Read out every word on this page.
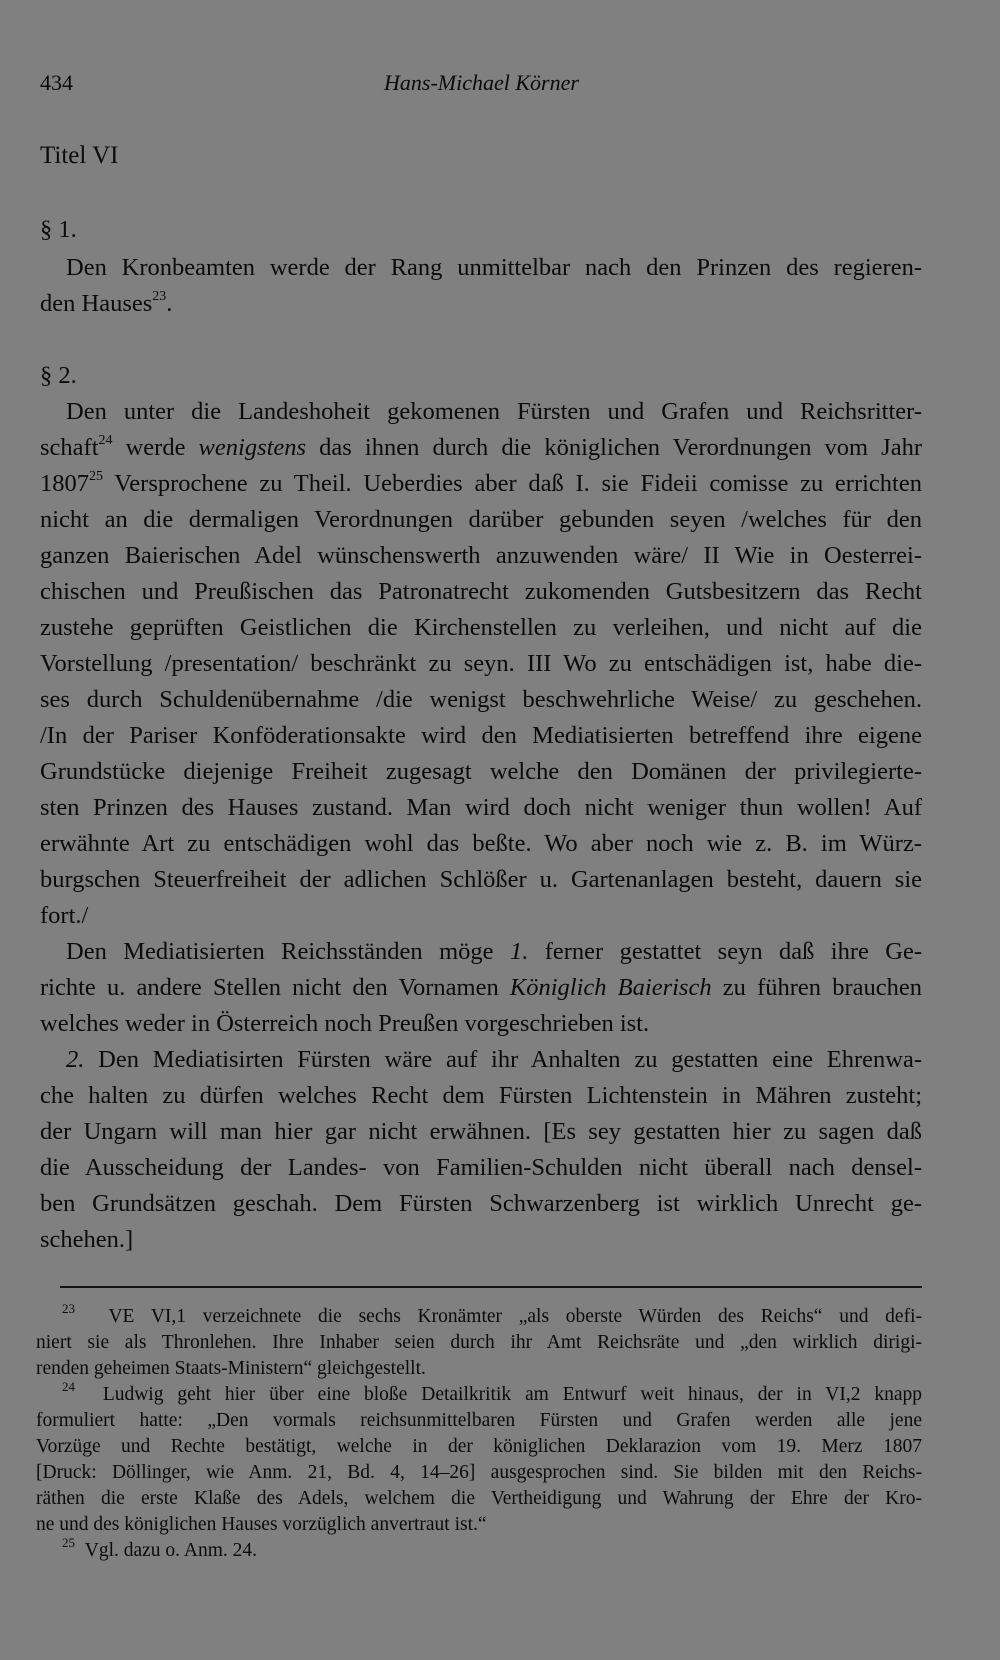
434	Hans-Michael Körner
Titel VI
§ 1.
Den Kronbeamten werde der Rang unmittelbar nach den Prinzen des regieren-
den Hauses$^{23}$.
§ 2.
Den unter die Landeshoheit gekomenen Fürsten und Grafen und Reichsritter-
schaft$^{24}$ werde wenigstens das ihnen durch die königlichen Verordnungen vom Jahr
1807$^{25}$ Versprochene zu Theil. Ueberdies aber daß I. sie Fideii comisse zu errichten
nicht an die dermaligen Verordnungen darüber gebunden seyen /welches für den
ganzen Baierischen Adel wünschenswerth anzuwenden wäre/ II Wie in Oesterrei-
chischen und Preußischen das Patronatrecht zukomenden Gutsbesitzern das Recht
zustehe geprüften Geistlichen die Kirchenstellen zu verleihen, und nicht auf die
Vorstellung /presentation/ beschränkt zu seyn. III Wo zu entschädigen ist, habe die-
ses durch Schuldenübernahme /die wenigst beschwehrliche Weise/ zu geschehen.
/In der Pariser Konföderationsakte wird den Mediatisierten betreffend ihre eigene
Grundstücke diejenige Freiheit zugesagt welche den Domänen der privilegierte-
sten Prinzen des Hauses zustand. Man wird doch nicht weniger thun wollen! Auf
erwähnte Art zu entschädigen wohl das beßte. Wo aber noch wie z. B. im Würz-
burgschen Steuerfreiheit der adlichen Schlößer u. Gartenanlagen besteht, dauern sie
fort./
Den Mediatisierten Reichsständen möge 1. ferner gestattet seyn daß ihre Ge-
richte u. andere Stellen nicht den Vornamen Königlich Baierisch zu führen brauchen
welches weder in Österreich noch Preußen vorgeschrieben ist.
2. Den Mediatisirten Fürsten wäre auf ihr Anhalten zu gestatten eine Ehrenwa-
che halten zu dürfen welches Recht dem Fürsten Lichtenstein in Mähren zusteht;
der Ungarn will man hier gar nicht erwähnen. [Es sey gestatten hier zu sagen daß
die Ausscheidung der Landes- von Familien-Schulden nicht überall nach densel-
ben Grundsätzen geschah. Dem Fürsten Schwarzenberg ist wirklich Unrecht ge-
schehen.]
$^{23}$ VE VI,1 verzeichnete die sechs Kronämter „als oberste Würden des Reichs“ und defi-
niert sie als Thronlehen. Ihre Inhaber seien durch ihr Amt Reichsräte und „den wirklich dirigi-
renden geheimen Staats-Ministern“ gleichgestellt.
$^{24}$ Ludwig geht hier über eine bloße Detailkritik am Entwurf weit hinaus, der in VI,2 knapp
formuliert hatte: „Den vormals reichsunmittelbaren Fürsten und Grafen werden alle jene
Vorzüge und Rechte bestätigt, welche in der königlichen Deklarazion vom 19. Merz 1807
[Druck: Döllinger, wie Anm. 21, Bd. 4, 14–26] ausgesprochen sind. Sie bilden mit den Reichs-
räthen die erste Klaße des Adels, welchem die Vertheidigung und Wahrung der Ehre der Kro-
ne und des königlichen Hauses vorzüglich anvertraut ist.“
$^{25}$ Vgl. dazu o. Anm. 24.
